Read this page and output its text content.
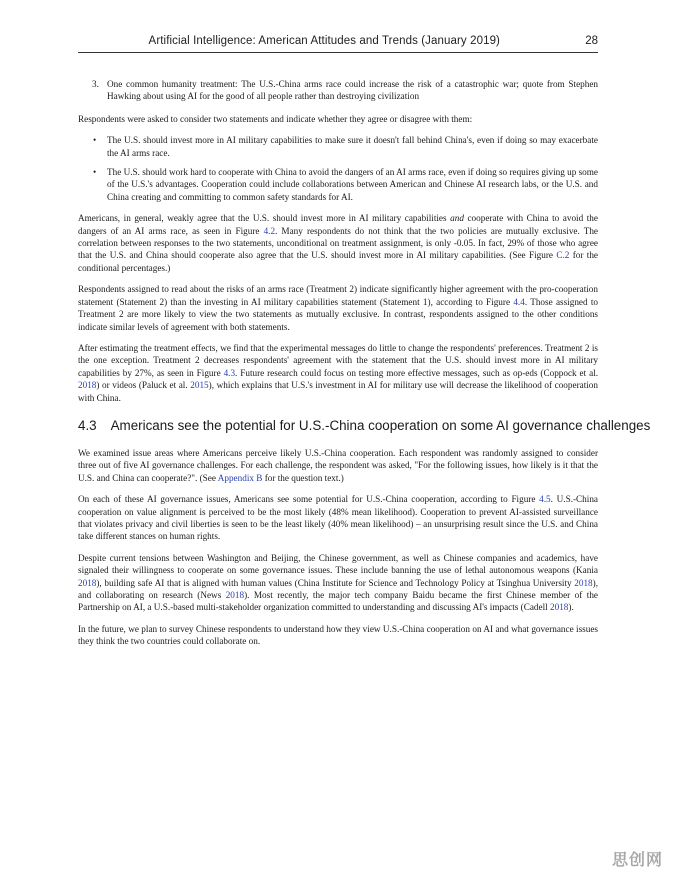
Artificial Intelligence: American Attitudes and Trends (January 2019)	28
3. One common humanity treatment: The U.S.-China arms race could increase the risk of a catastrophic war; quote from Stephen Hawking about using AI for the good of all people rather than destroying civilization

Respondents were asked to consider two statements and indicate whether they agree or disagree with them:

• The U.S. should invest more in AI military capabilities to make sure it doesn't fall behind China's, even if doing so may exacerbate the AI arms race.
• The U.S. should work hard to cooperate with China to avoid the dangers of an AI arms race, even if doing so requires giving up some of the U.S.'s advantages. Cooperation could include collaborations between American and Chinese AI research labs, or the U.S. and China creating and committing to common safety standards for AI.

Americans, in general, weakly agree that the U.S. should invest more in AI military capabilities and cooperate with China to avoid the dangers of an AI arms race, as seen in Figure 4.2. Many respondents do not think that the two policies are mutually exclusive. The correlation between responses to the two statements, unconditional on treatment assignment, is only -0.05. In fact, 29% of those who agree that the U.S. and China should cooperate also agree that the U.S. should invest more in AI military capabilities. (See Figure C.2 for the conditional percentages.)

Respondents assigned to read about the risks of an arms race (Treatment 2) indicate significantly higher agreement with the pro-cooperation statement (Statement 2) than the investing in AI military capabilities statement (Statement 1), according to Figure 4.4. Those assigned to Treatment 2 are more likely to view the two statements as mutually exclusive. In contrast, respondents assigned to the other conditions indicate similar levels of agreement with both statements.

After estimating the treatment effects, we find that the experimental messages do little to change the respondents' preferences. Treatment 2 is the one exception. Treatment 2 decreases respondents' agreement with the statement that the U.S. should invest more in AI military capabilities by 27%, as seen in Figure 4.3. Future research could focus on testing more effective messages, such as op-eds (Coppock et al. 2018) or videos (Paluck et al. 2015), which explains that U.S.'s investment in AI for military use will decrease the likelihood of cooperation with China.

4.3 Americans see the potential for U.S.-China cooperation on some AI governance challenges

We examined issue areas where Americans perceive likely U.S.-China cooperation. Each respondent was randomly assigned to consider three out of five AI governance challenges. For each challenge, the respondent was asked, "For the following issues, how likely is it that the U.S. and China can cooperate?". (See Appendix B for the question text.)

On each of these AI governance issues, Americans see some potential for U.S.-China cooperation, according to Figure 4.5. U.S.-China cooperation on value alignment is perceived to be the most likely (48% mean likelihood). Cooperation to prevent AI-assisted surveillance that violates privacy and civil liberties is seen to be the least likely (40% mean likelihood) – an unsurprising result since the U.S. and China take different stances on human rights.

Despite current tensions between Washington and Beijing, the Chinese government, as well as Chinese companies and academics, have signaled their willingness to cooperate on some governance issues. These include banning the use of lethal autonomous weapons (Kania 2018), building safe AI that is aligned with human values (China Institute for Science and Technology Policy at Tsinghua University 2018), and collaborating on research (News 2018). Most recently, the major tech company Baidu became the first Chinese member of the Partnership on AI, a U.S.-based multi-stakeholder organization committed to understanding and discussing AI's impacts (Cadell 2018).

In the future, we plan to survey Chinese respondents to understand how they view U.S.-China cooperation on AI and what governance issues they think the two countries could collaborate on.

思创网
